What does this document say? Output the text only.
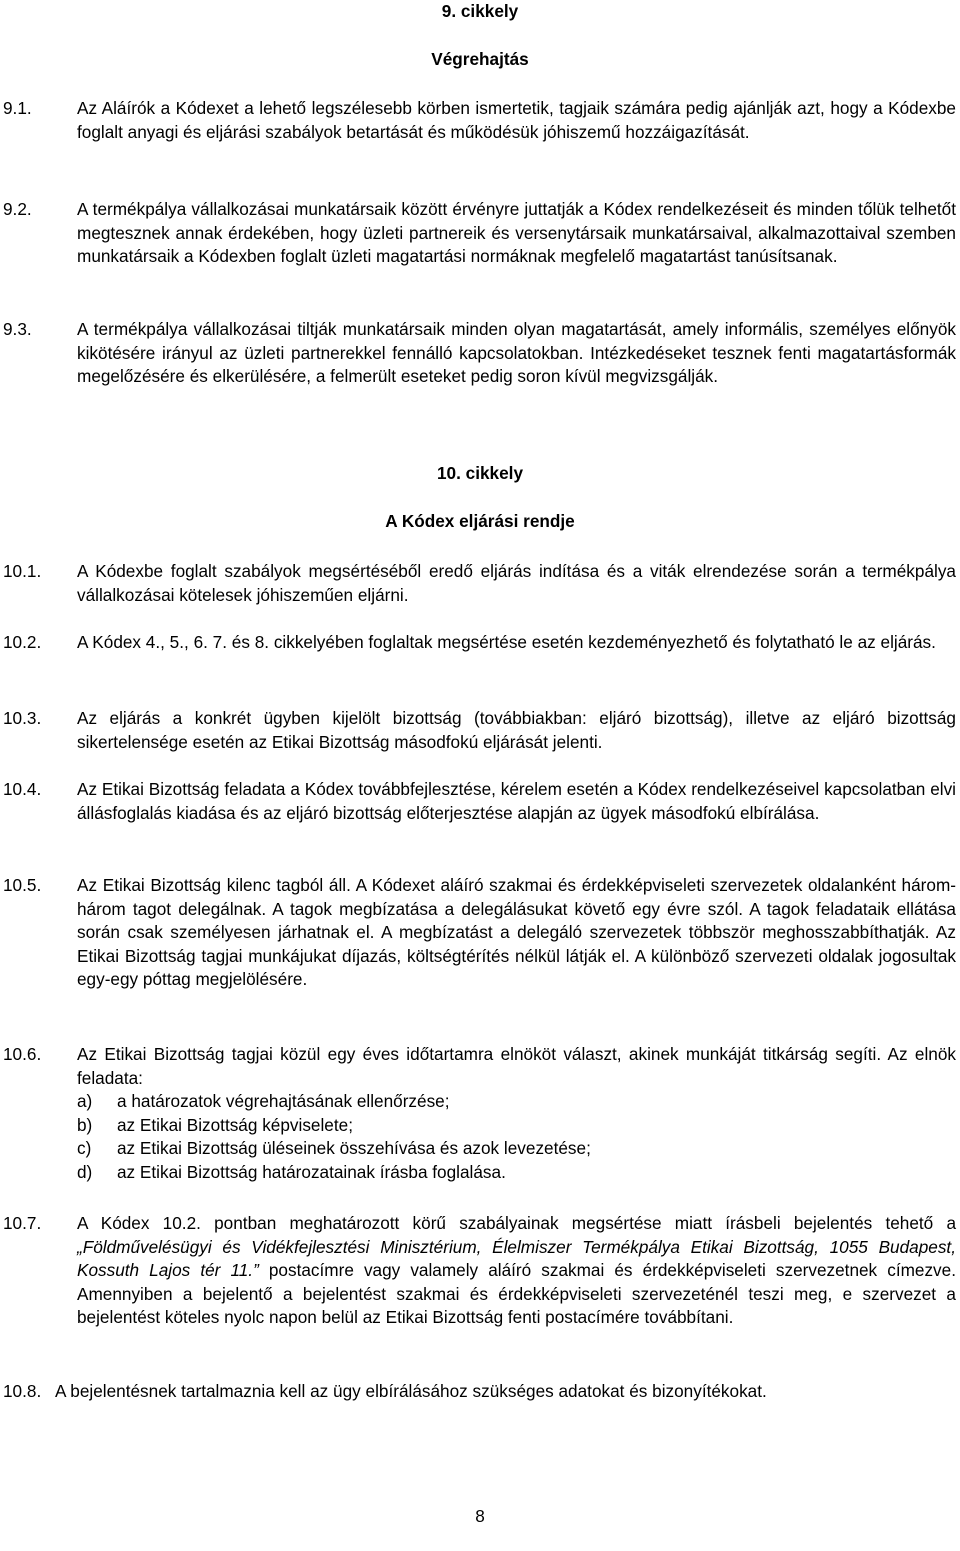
9. cikkely
Végrehajtás
9.1.	Az Aláírók a Kódexet a lehető legszélesebb körben ismertetik, tagjaik számára pedig ajánlják azt, hogy a Kódexbe foglalt anyagi és eljárási szabályok betartását és működésük jóhiszemű hozzáigazítását.
9.2.	A termékpálya vállalkozásai munkatársaik között érvényre juttatják a Kódex rendelkezéseit és minden tőlük telhetőt megtesznek annak érdekében, hogy üzleti partnereik és versenytársaik munkatársaival, alkalmazottaival szemben munkatársaik a Kódexben foglalt üzleti magatartási normáknak megfelelő magatartást tanúsítsanak.
9.3.	A termékpálya vállalkozásai tiltják munkatársaik minden olyan magatartását, amely informális, személyes előnyök kikötésére irányul az üzleti partnerekkel fennálló kapcsolatokban. Intézkedéseket tesznek fenti magatartásformák megelőzésére és elkerülésére, a felmerült eseteket pedig soron kívül megvizsgálják.
10. cikkely
A Kódex eljárási rendje
10.1. A Kódexbe foglalt szabályok megsértéséből eredő eljárás indítása és a viták elrendezése során a termékpálya vállalkozásai kötelesek jóhiszeműen eljárni.
10.2. A Kódex 4., 5., 6. 7. és 8. cikkelyében foglaltak megsértése esetén kezdeményezhető és folytatható le az eljárás.
10.3. Az eljárás a konkrét ügyben kijelölt bizottság (továbbiakban: eljáró bizottság), illetve az eljáró bizottság sikertelensége esetén az Etikai Bizottság másodfokú eljárását jelenti.
10.4. Az Etikai Bizottság feladata a Kódex továbbfejlesztése, kérelem esetén a Kódex rendelkezéseivel kapcsolatban elvi állásfoglalás kiadása és az eljáró bizottság előterjesztése alapján az ügyek másodfokú elbírálása.
10.5. Az Etikai Bizottság kilenc tagból áll. A Kódexet aláíró szakmai és érdekképviseleti szervezetek oldalanként három-három tagot delegálnak. A tagok megbízatása a delegálásukat követő egy évre szól. A tagok feladataik ellátása során csak személyesen járhatnak el. A megbízatást a delegáló szervezetek többször meghosszabbíthatják. Az Etikai Bizottság tagjai munkájukat díjazás, költségtérítés nélkül látják el. A különböző szervezeti oldalak jogosultak egy-egy póttag megjelölésére.
10.6. Az Etikai Bizottság tagjai közül egy éves időtartamra elnököt választ, akinek munkáját titkárság segíti. Az elnök feladata:
a) a határozatok végrehajtásának ellenőrzése;
b) az Etikai Bizottság képviselete;
c) az Etikai Bizottság üléseinek összehívása és azok levezetése;
d) az Etikai Bizottság határozatainak írásba foglalása.
10.7. A Kódex 10.2. pontban meghatározott körű szabályainak megsértése miatt írásbeli bejelentés tehető a „Földművelésügyi és Vidékfejlesztési Minisztérium, Élelmiszer Termékpálya Etikai Bizottság, 1055 Budapest, Kossuth Lajos tér 11.” postacímre vagy valamely aláíró szakmai és érdekképviseleti szervezetnek címezve. Amennyiben a bejelentő a bejelentést szakmai és érdekképviseleti szervezeténél teszi meg, e szervezet a bejelentést köteles nyolc napon belül az Etikai Bizottság fenti postacímére továbbítani.
10.8. A bejelentésnek tartalmaznia kell az ügy elbírálásához szükséges adatokat és bizonyítékokat.
8
